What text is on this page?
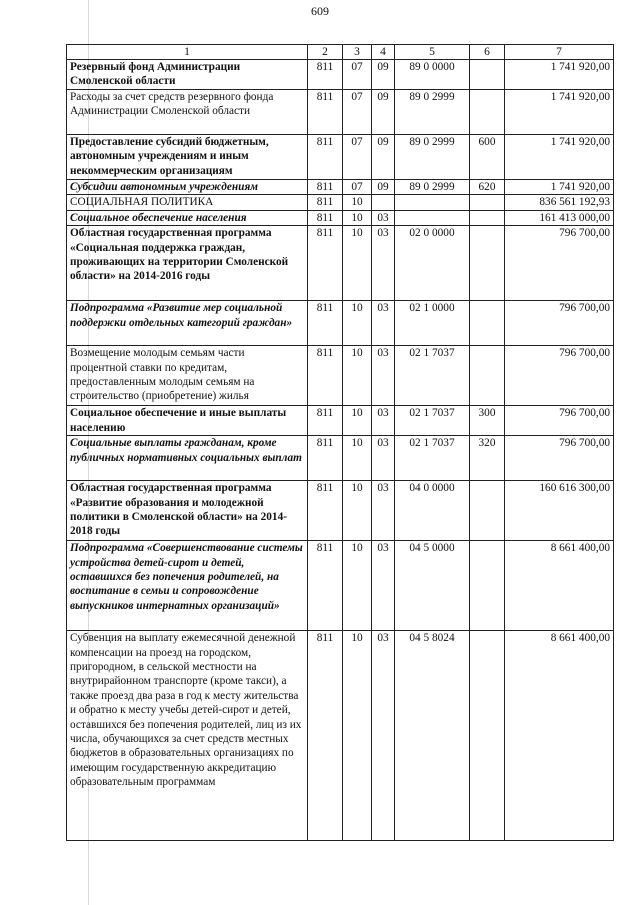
609
1	2	3	4	5	6	7
Резервный фонд Администрации Смоленской области	811	07	09	89 0 0000		1 741 920,00
Расходы за счет средств резервного фонда Администрации Смоленской области	811	07	09	89 0 2999		1 741 920,00
Предоставление субсидий бюджетным, автономным учреждениям и иным некоммерческим организациям	811	07	09	89 0 2999	600	1 741 920,00
Субсидии автономным учреждениям	811	07	09	89 0 2999	620	1 741 920,00
СОЦИАЛЬНАЯ ПОЛИТИКА	811	10				836 561 192,93
Социальное обеспечение населения	811	10	03			161 413 000,00
Областная государственная программа «Социальная поддержка граждан, проживающих на территории Смоленской области» на 2014-2016 годы	811	10	03	02 0 0000		796 700,00
Подпрограмма «Развитие мер социальной поддержки отдельных категорий граждан»	811	10	03	02 1 0000		796 700,00
Возмещение молодым семьям части процентной ставки по кредитам, предоставленным молодым семьям на строительство (приобретение) жилья	811	10	03	02 1 7037		796 700,00
Социальное обеспечение и иные выплаты населению	811	10	03	02 1 7037	300	796 700,00
Социальные выплаты гражданам, кроме публичных нормативных социальных выплат	811	10	03	02 1 7037	320	796 700,00
Областная государственная программа «Развитие образования и молодежной политики в Смоленской области» на 2014-2018 годы	811	10	03	04 0 0000		160 616 300,00
Подпрограмма «Совершенствование системы устройства детей-сирот и детей, оставшихся без попечения родителей, на воспитание в семьи и сопровождение выпускников интернатных организаций»	811	10	03	04 5 0000		8 661 400,00
Субвенция на выплату ежемесячной денежной компенсации на проезд на городском, пригородном, в сельской местности на внутрирайонном транспорте (кроме такси), а также проезд два раза в год к месту жительства и обратно к месту учебы детей-сирот и детей, оставшихся без попечения родителей, лиц из их числа, обучающихся за счет средств местных бюджетов в образовательных организациях по имеющим государственную аккредитацию образовательным программам	811	10	03	04 5 8024		8 661 400,00
